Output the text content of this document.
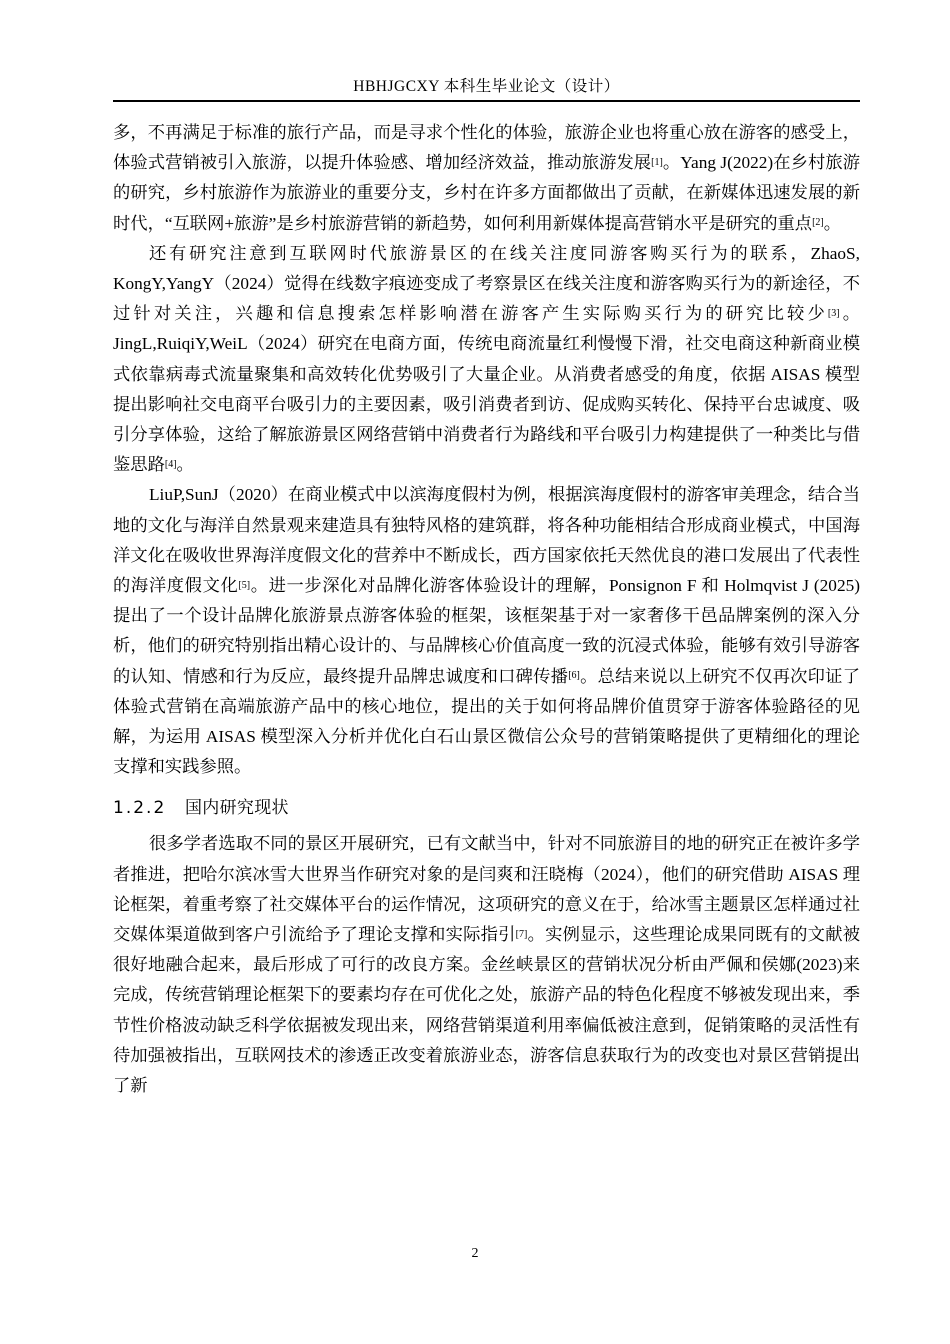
HBHJGCXY 本科生毕业论文（设计）

多，不再满足于标准的旅行产品，而是寻求个性化的体验，旅游企业也将重心放在游客的感受上，体验式营销被引入旅游，以提升体验感、增加经济效益，推动旅游发展[1]。Yang J(2022)在乡村旅游的研究，乡村旅游作为旅游业的重要分支，乡村在许多方面都做出了贡献，在新媒体迅速发展的新时代，“互联网+旅游”是乡村旅游营销的新趋势，如何利用新媒体提高营销水平是研究的重点[2]。

还有研究注意到互联网时代旅游景区的在线关注度同游客购买行为的联系，ZhaoS, KongY,YangY（2024）觉得在线数字痕迹变成了考察景区在线关注度和游客购买行为的新途径，不过针对关注，兴趣和信息搜索怎样影响潜在游客产生实际购买行为的研究比较少[3]。JingL,RuiqiY,WeiL（2024）研究在电商方面，传统电商流量红利慢慢下滑，社交电商这种新商业模式依靠病毒式流量聚集和高效转化优势吸引了大量企业。从消费者感受的角度，依据 AISAS 模型提出影响社交电商平台吸引力的主要因素，吸引消费者到访、促成购买转化、保持平台忠诚度、吸引分享体验，这给了解旅游景区网络营销中消费者行为路线和平台吸引力构建提供了一种类比与借鉴思路[4]。

LiuP,SunJ（2020）在商业模式中以滨海度假村为例，根据滨海度假村的游客审美理念，结合当地的文化与海洋自然景观来建造具有独特风格的建筑群，将各种功能相结合形成商业模式，中国海洋文化在吸收世界海洋度假文化的营养中不断成长，西方国家依托天然优良的港口发展出了代表性的海洋度假文化[5]。进一步深化对品牌化游客体验设计的理解，Ponsignon F 和 Holmqvist J (2025) 提出了一个设计品牌化旅游景点游客体验的框架，该框架基于对一家奢侈干邑品牌案例的深入分析，他们的研究特别指出精心设计的、与品牌核心价值高度一致的沉浸式体验，能够有效引导游客的认知、情感和行为反应，最终提升品牌忠诚度和口碑传播[6]。总结来说以上研究不仅再次印证了体验式营销在高端旅游产品中的核心地位，提出的关于如何将品牌价值贯穿于游客体验路径的见解，为运用 AISAS 模型深入分析并优化白石山景区微信公众号的营销策略提供了更精细化的理论支撑和实践参照。

1.2.2 国内研究现状

很多学者选取不同的景区开展研究，已有文献当中，针对不同旅游目的地的研究正在被许多学者推进，把哈尔滨冰雪大世界当作研究对象的是闫爽和汪晓梅（2024），他们的研究借助 AISAS 理论框架，着重考察了社交媒体平台的运作情况，这项研究的意义在于，给冰雪主题景区怎样通过社交媒体渠道做到客户引流给予了理论支撑和实际指引[7]。实例显示，这些理论成果同既有的文献被很好地融合起来，最后形成了可行的改良方案。金丝峡景区的营销状况分析由严佩和侯娜(2023)来完成，传统营销理论框架下的要素均存在可优化之处，旅游产品的特色化程度不够被发现出来，季节性价格波动缺乏科学依据被发现出来，网络营销渠道利用率偏低被注意到，促销策略的灵活性有待加强被指出，互联网技术的渗透正改变着旅游业态，游客信息获取行为的改变也对景区营销提出了新

2
